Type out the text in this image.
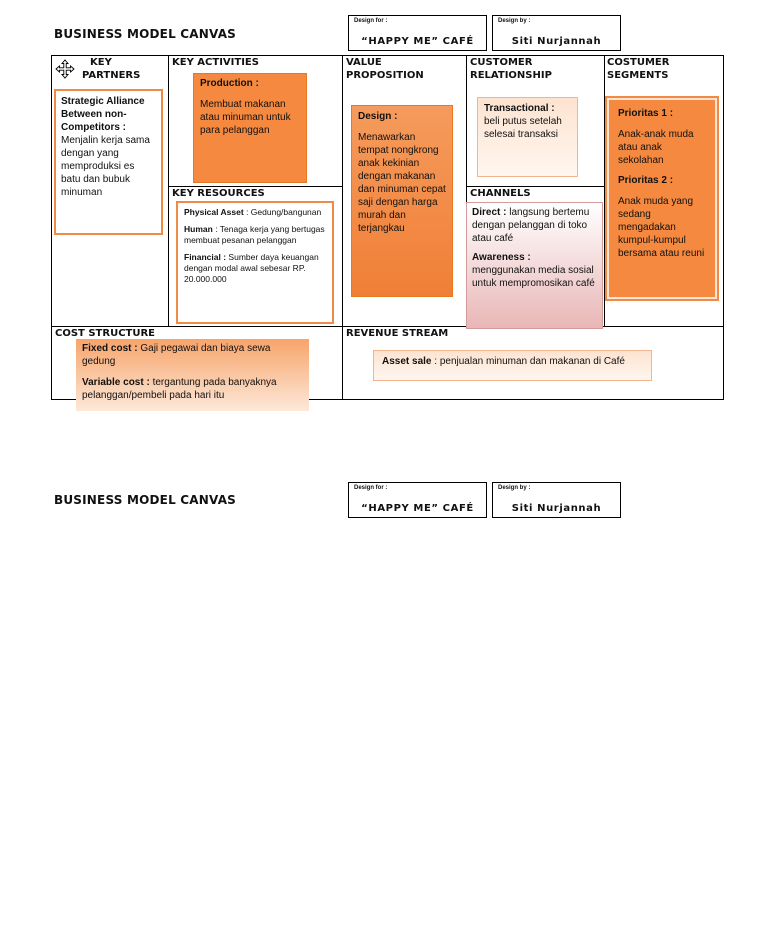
BUSINESS MODEL CANVAS
Design for :
“HAPPY ME” CAFÉ
Design by :
Siti Nurjannah
KEY
PARTNERS
Strategic Alliance Between non-Competitors :
Menjalin kerja sama dengan yang memproduksi es batu dan bubuk minuman
KEY ACTIVITIES
Production :
Membuat makanan atau minuman untuk para pelanggan
KEY RESOURCES
Physical Asset : Gedung/bangunan
Human : Tenaga kerja yang bertugas membuat pesanan pelanggan
Financial : Sumber daya keuangan dengan modal awal sebesar RP. 20.000.000
VALUE
PROPOSITION
Design :
Menawarkan tempat nongkrong anak kekinian dengan makanan dan minuman cepat saji dengan harga murah dan terjangkau
CUSTOMER
RELATIONSHIP
Transactional :
beli putus setelah selesai transaksi
CHANNELS
Direct : langsung bertemu dengan pelanggan di toko atau café
Awareness :
menggunakan media sosial untuk mempromosikan café
COSTUMER
SEGMENTS
Prioritas 1 :
Anak-anak muda atau anak sekolahan
Prioritas 2 :
Anak muda yang sedang mengadakan kumpul-kumpul bersama atau reuni
COST STRUCTURE
Fixed cost : Gaji pegawai dan biaya sewa gedung
Variable cost : tergantung pada banyaknya pelanggan/pembeli pada hari itu
REVENUE STREAM
Asset sale : penjualan minuman dan makanan di Café
BUSINESS MODEL CANVAS
Design for :
“HAPPY ME” CAFÉ
Design by :
Siti Nurjannah
